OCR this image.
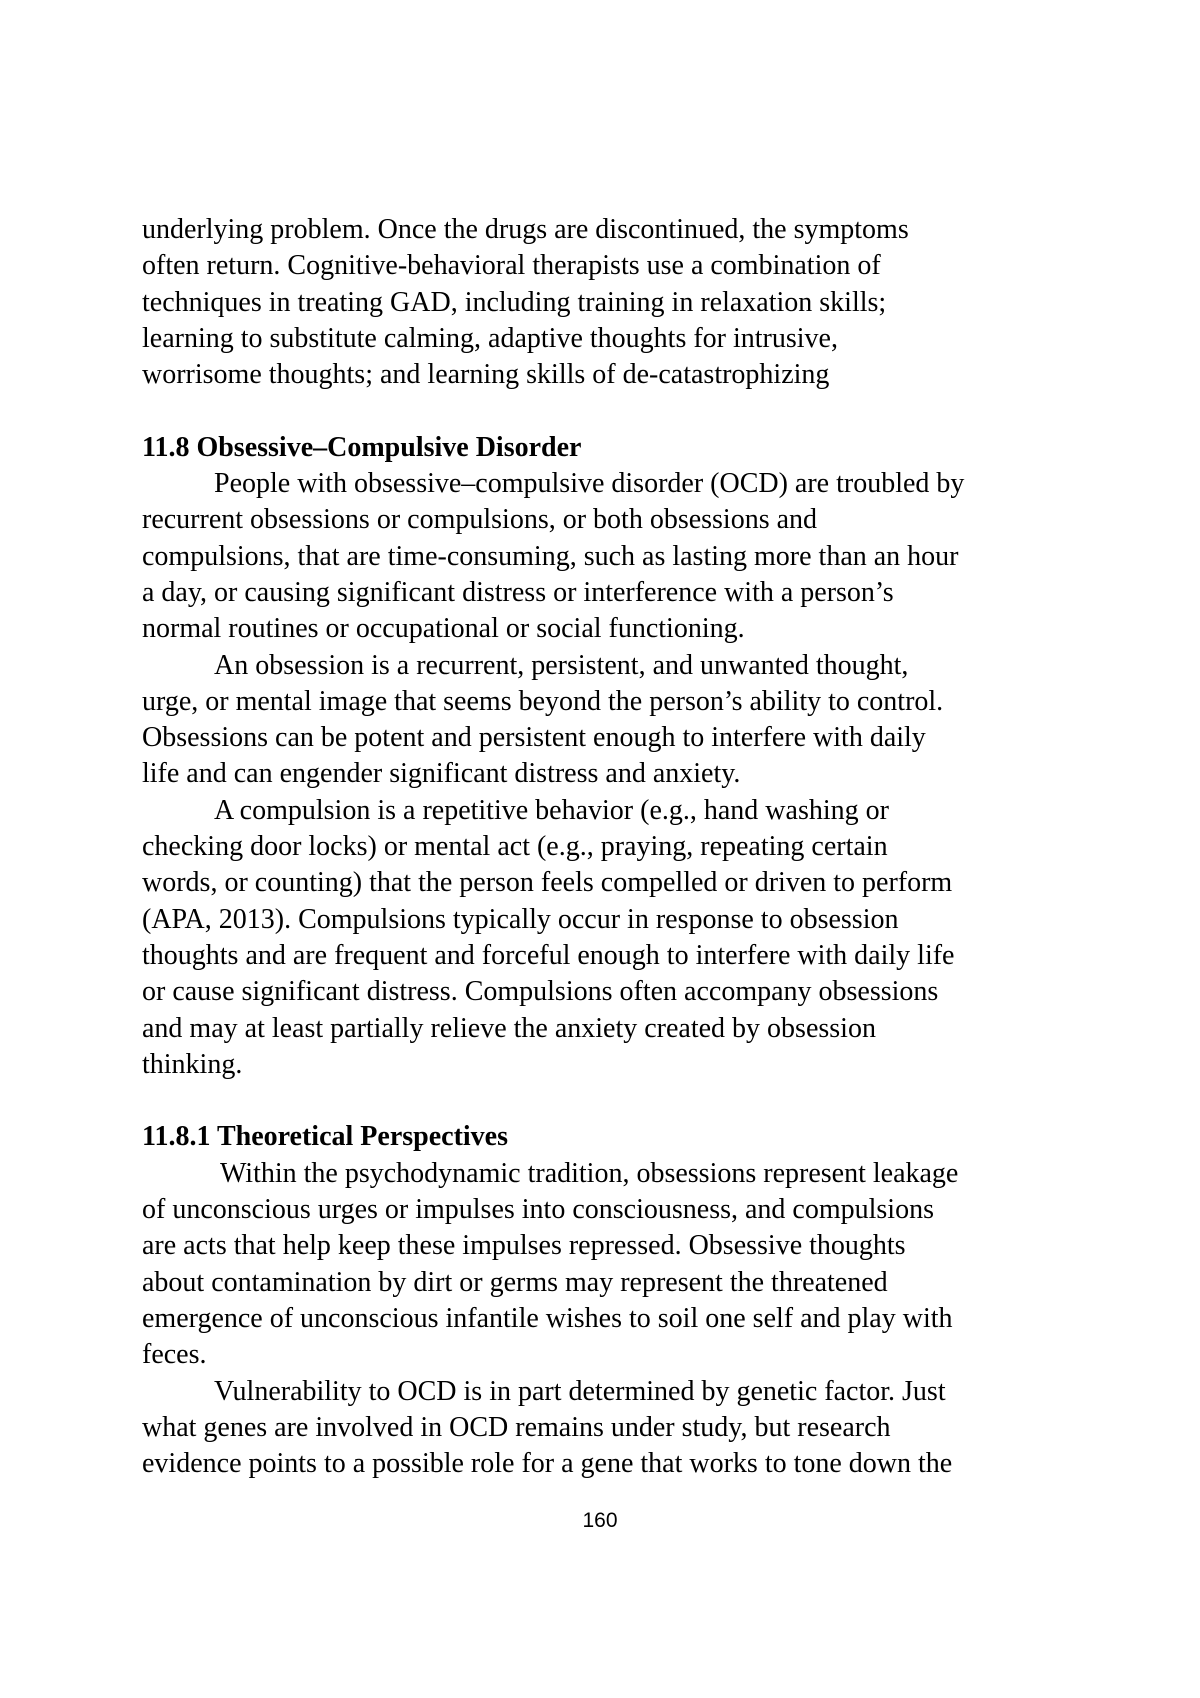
underlying problem. Once the drugs are discontinued, the symptoms
often return. Cognitive-behavioral therapists use a combination of
techniques in treating GAD, including training in relaxation skills;
learning to substitute calming, adaptive thoughts for intrusive,
worrisome thoughts; and learning skills of de-catastrophizing
11.8 Obsessive–Compulsive Disorder
People with obsessive–compulsive disorder (OCD) are troubled by
recurrent obsessions or compulsions, or both obsessions and
compulsions, that are time-consuming, such as lasting more than an hour
a day, or causing significant distress or interference with a person’s
normal routines or occupational or social functioning.
An obsession is a recurrent, persistent, and unwanted thought,
urge, or mental image that seems beyond the person’s ability to control.
Obsessions can be potent and persistent enough to interfere with daily
life and can engender significant distress and anxiety.
A compulsion is a repetitive behavior (e.g., hand washing or
checking door locks) or mental act (e.g., praying, repeating certain
words, or counting) that the person feels compelled or driven to perform
(APA, 2013). Compulsions typically occur in response to obsession
thoughts and are frequent and forceful enough to interfere with daily life
or cause significant distress. Compulsions often accompany obsessions
and may at least partially relieve the anxiety created by obsession
thinking.
11.8.1 Theoretical Perspectives
Within the psychodynamic tradition, obsessions represent leakage
of unconscious urges or impulses into consciousness, and compulsions
are acts that help keep these impulses repressed. Obsessive thoughts
about contamination by dirt or germs may represent the threatened
emergence of unconscious infantile wishes to soil one self and play with
feces.
Vulnerability to OCD is in part determined by genetic factor. Just
what genes are involved in OCD remains under study, but research
evidence points to a possible role for a gene that works to tone down the
160
